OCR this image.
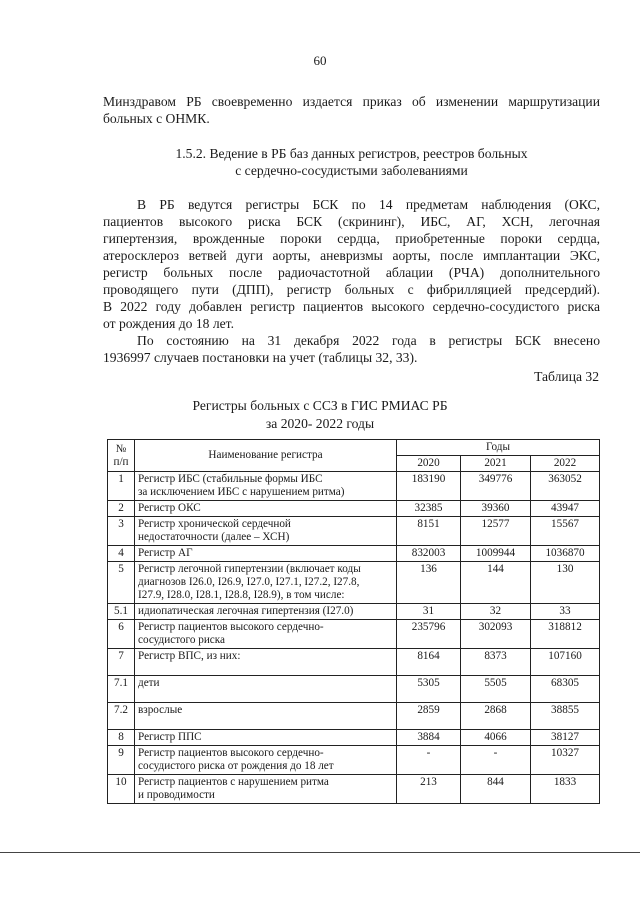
60
Минздравом РБ своевременно издается приказ об изменении маршрутизации
больных с ОНМК.
1.5.2. Ведение в РБ баз данных регистров, реестров больных
с сердечно-сосудистыми заболеваниями
В РБ ведутся регистры БСК по 14 предметам наблюдения (ОКС,
пациентов высокого риска БСК (скрининг), ИБС, АГ, ХСН, легочная
гипертензия, врожденные пороки сердца, приобретенные пороки сердца,
атеросклероз ветвей дуги аорты, аневризмы аорты, после имплантации ЭКС,
регистр больных после радиочастотной аблации (РЧА) дополнительного
проводящего пути (ДПП), регистр больных с фибрилляцией предсердий).
В 2022 году добавлен регистр пациентов высокого сердечно-сосудистого риска
от рождения до 18 лет.
По состоянию на 31 декабря 2022 года в регистры БСК внесено
1936997 случаев постановки на учет (таблицы 32, 33).
Таблица 32
Регистры больных с ССЗ в ГИС РМИАС РБ
за 2020- 2022 годы
№
п/п	Наименование регистра	Годы		
		2020	2021	2022
1	Регистр ИБС (стабильные формы ИБС
за исключением ИБС с нарушением ритма)	183190	349776	363052
2	Регистр ОКС	32385	39360	43947
3	Регистр хронической сердечной
недостаточности (далее – ХСН)	8151	12577	15567
4	Регистр АГ	832003	1009944	1036870
5	Регистр легочной гипертензии (включает коды
диагнозов I26.0, I26.9, I27.0, I27.1, I27.2, I27.8,
I27.9, I28.0, I28.1, I28.8, I28.9), в том числе:	136	144	130
5.1	идиопатическая легочная гипертензия (I27.0)	31	32	33
6	Регистр пациентов высокого сердечно-
сосудистого риска	235796	302093	318812
7	Регистр ВПС, из них:	8164	8373	107160
7.1	дети	5305	5505	68305
7.2	взрослые	2859	2868	38855
8	Регистр ППС	3884	4066	38127
9	Регистр пациентов высокого сердечно-
сосудистого риска от рождения до 18 лет	-	-	10327
10	Регистр пациентов с нарушением ритма
и проводимости	213	844	1833
